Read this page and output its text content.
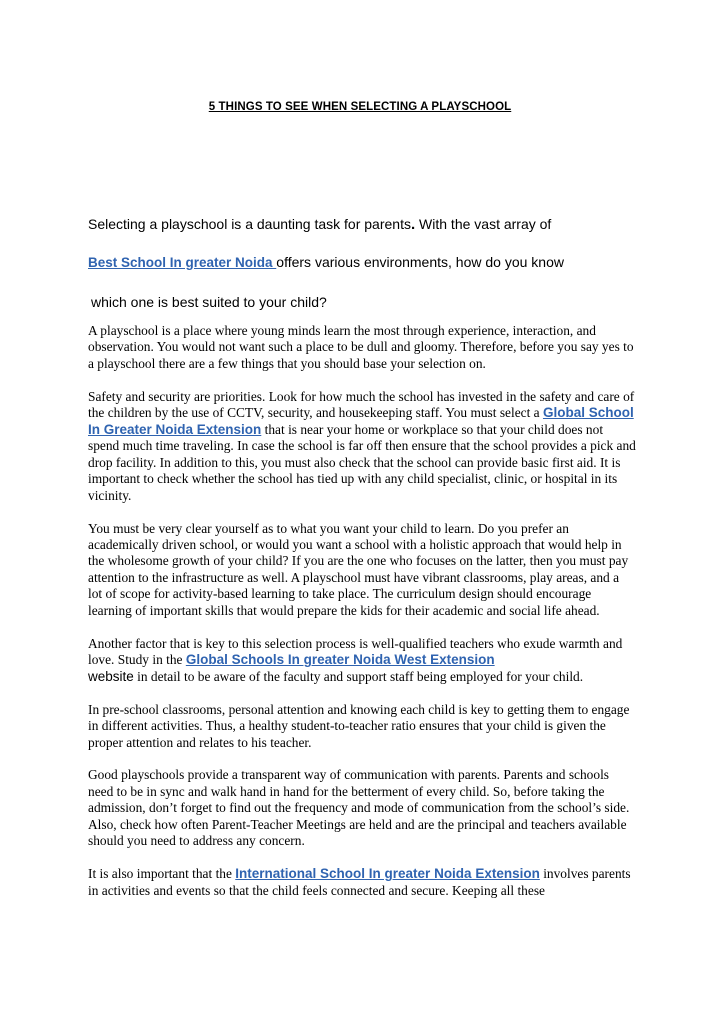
5 THINGS TO SEE WHEN SELECTING A PLAYSCHOOL
Selecting a playschool is a daunting task for parents. With the vast array of
Best School In greater Noida offers various environments, how do you know
which one is best suited to your child?

A playschool is a place where young minds learn the most through experience, interaction, and observation. You would not want such a place to be dull and gloomy. Therefore, before you say yes to a playschool there are a few things that you should base your selection on.

Safety and security are priorities. Look for how much the school has invested in the safety and care of the children by the use of CCTV, security, and housekeeping staff. You must select a Global School In Greater Noida Extension that is near your home or workplace so that your child does not spend much time traveling. In case the school is far off then ensure that the school provides a pick and drop facility. In addition to this, you must also check that the school can provide basic first aid. It is important to check whether the school has tied up with any child specialist, clinic, or hospital in its vicinity.

You must be very clear yourself as to what you want your child to learn. Do you prefer an academically driven school, or would you want a school with a holistic approach that would help in the wholesome growth of your child? If you are the one who focuses on the latter, then you must pay attention to the infrastructure as well. A playschool must have vibrant classrooms, play areas, and a lot of scope for activity-based learning to take place. The curriculum design should encourage learning of important skills that would prepare the kids for their academic and social life ahead.

Another factor that is key to this selection process is well-qualified teachers who exude warmth and love. Study in the Global Schools In greater Noida West Extension
website in detail to be aware of the faculty and support staff being employed for your child.

In pre-school classrooms, personal attention and knowing each child is key to getting them to engage in different activities. Thus, a healthy student-to-teacher ratio ensures that your child is given the proper attention and relates to his teacher.

Good playschools provide a transparent way of communication with parents. Parents and schools need to be in sync and walk hand in hand for the betterment of every child. So, before taking the admission, don’t forget to find out the frequency and mode of communication from the school’s side. Also, check how often Parent-Teacher Meetings are held and are the principal and teachers available should you need to address any concern.

It is also important that the International School In greater Noida Extension involves parents in activities and events so that the child feels connected and secure. Keeping all these
